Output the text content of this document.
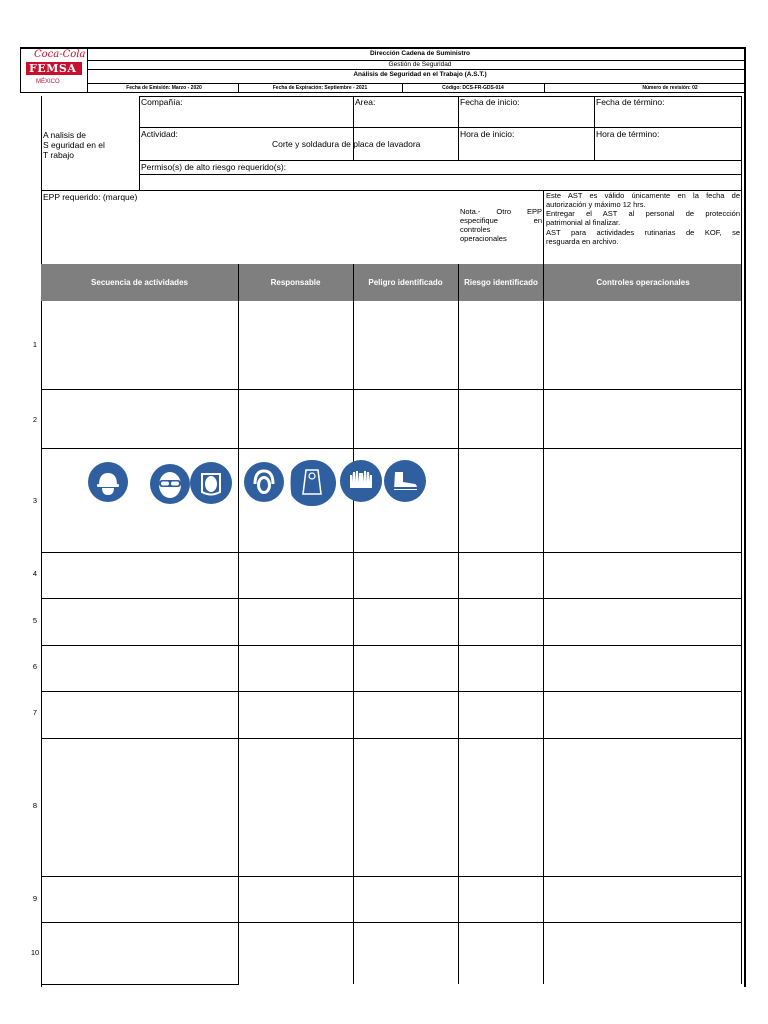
Coca-Cola
FEMSA
MÉXICO
Dirección Cadena de Suministro
Gestión de Seguridad
Análisis de Seguridad en el Trabajo (A.S.T.)
Fecha de Emisión: Marzo - 2020	Fecha de Expiración: Septiembre - 2021	Código: DCS-FR-GDS-014	Número de revisión: 02
A nalisis de
S eguridad en el
T rabajo
Compañía:	Area:	Fecha de inicio:	Fecha de término:
Actividad:
Corte y soldadura de placa de lavadora
Hora de inicio:	Hora de término:
Permiso(s) de alto riesgo requerido(s):
EPP requerido: (marque)
Nota.- Otro EPP
especifique en
controles
operacionales
Este AST es válido únicamente en la fecha de
autorización y máximo 12 hrs.
Entregar el AST al personal de protección
patrimonial al finalizar.
AST para actividades rutinarias de KOF, se
resguarda en archivo.
Secuencia de actividades	Responsable	Peligro identificado	Riesgo identificado	Controles operacionales
1
2
3
4
5
6
7
8
9
10
